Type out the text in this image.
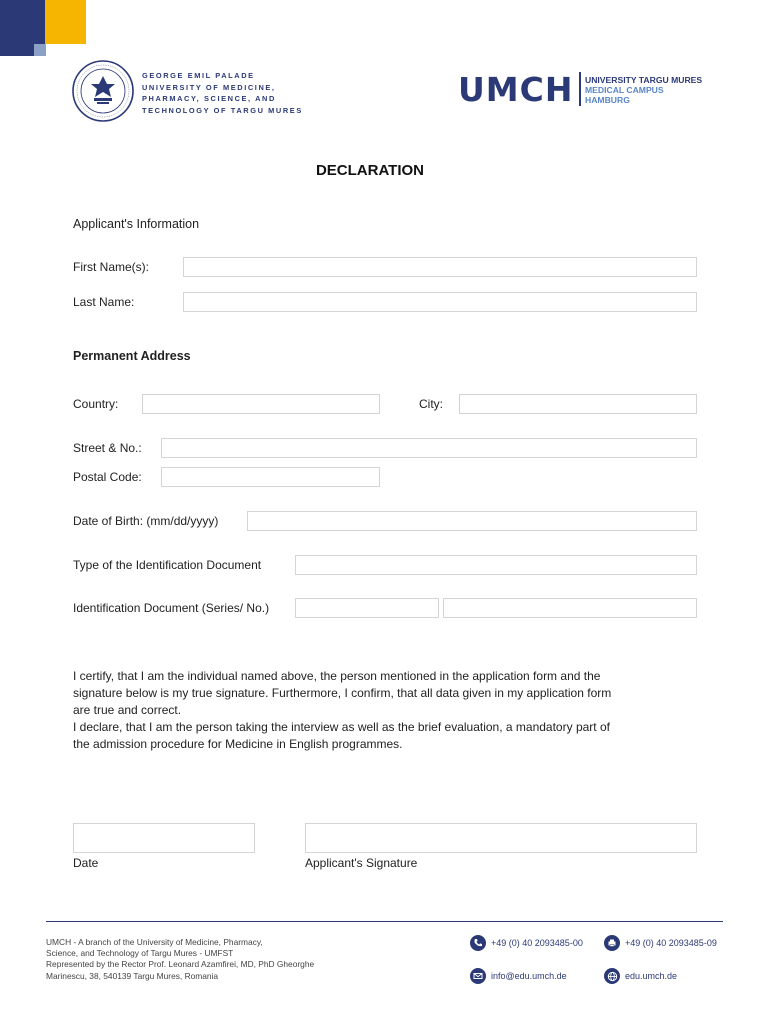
GEORGE EMIL PALADE
UNIVERSITY OF MEDICINE,
PHARMACY, SCIENCE, AND
TECHNOLOGY OF TARGU MURES
UMCH UNIVERSITY TARGU MURES
MEDICAL CAMPUS
HAMBURG
DECLARATION
Applicant's Information
First Name(s):
Last Name:
Permanent Address
Country:	City:
Street & No.:
Postal Code:
Date of Birth: (mm/dd/yyyy)
Type of the Identification Document
Identification Document (Series/ No.)
I certify, that I am the individual named above, the person mentioned in the application form and the
signature below is my true signature. Furthermore, I confirm, that all data given in my application form
are true and correct.
I declare, that I am the person taking the interview as well as the brief evaluation, a mandatory part of
the admission procedure for Medicine in English programmes.
Date	Applicant's Signature
UMCH - A branch of the University of Medicine, Pharmacy,
Science, and Technology of Targu Mures - UMFST
Represented by the Rector Prof. Leonard Azamfirei, MD, PhD Gheorghe
Marinescu, 38, 540139 Targu Mures, Romania
+49 (0) 40 2093485-00	+49 (0) 40 2093485-09
info@edu.umch.de	edu.umch.de
